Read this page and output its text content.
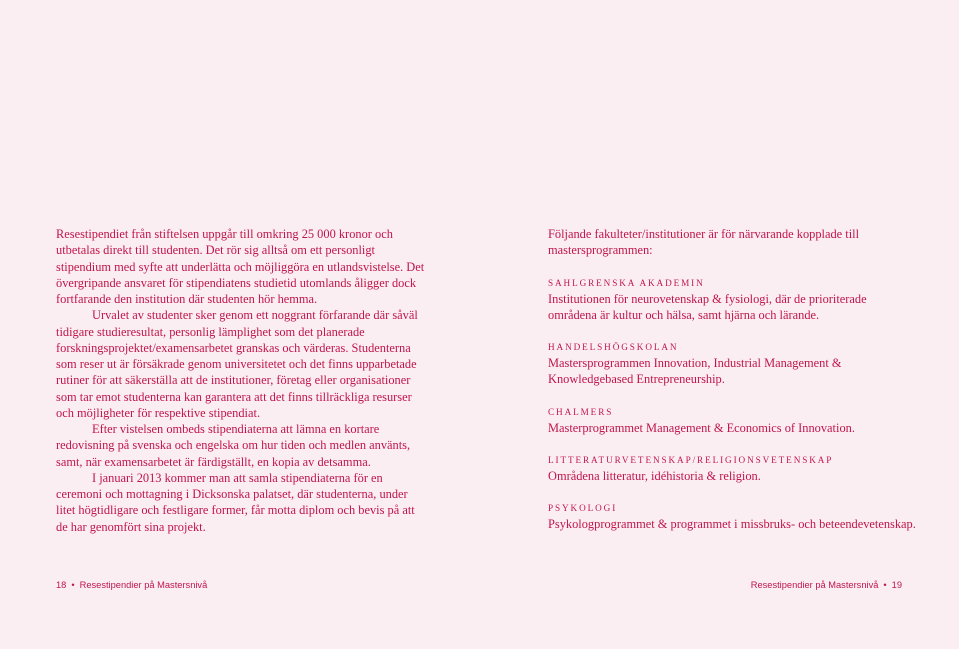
Resestipendiet från stiftelsen uppgår till omkring 25 000 kronor och utbetalas direkt till studenten. Det rör sig alltså om ett personligt stipendium med syfte att underlätta och möjliggöra en utlandsvistelse. Det övergripande ansvaret för stipendiatens studietid utomlands åligger dock fortfarande den institution där studenten hör hemma.

Urvalet av studenter sker genom ett noggrant förfarande där såväl tidigare studieresultat, personlig lämplighet som det planerade forskningsprojektet/examensarbetet granskas och värderas. Studenterna som reser ut är försäkrade genom universitetet och det finns upparbetade rutiner för att säkerställa att de institutioner, företag eller organisationer som tar emot studenterna kan garantera att det finns tillräckliga resurser och möjligheter för respektive stipendiat.

Efter vistelsen ombeds stipendiaterna att lämna en kortare redovisning på svenska och engelska om hur tiden och medlen använts, samt, när examensarbetet är färdigställt, en kopia av detsamma.

I januari 2013 kommer man att samla stipendiaterna för en ceremoni och mottagning i Dicksonska palatset, där studenterna, under litet högtidligare och festligare former, får motta diplom och bevis på att de har genomfört sina projekt.

Följande fakulteter/institutioner är för närvarande kopplade till mastersprogrammen:

SAHLGRENSKA AKADEMIN
Institutionen för neurovetenskap & fysiologi, där de prioriterade områdena är kultur och hälsa, samt hjärna och lärande.
HANDELSHÖGSKOLAN
Mastersprogrammen Innovation, Industrial Management & Knowledgebased Entrepreneurship.
CHALMERS
Masterprogrammet Management & Economics of Innovation.
LITTERATURVETENSKAP/RELIGIONSVETENSKAP
Områdena litteratur, idéhistoria & religion.
PSYKOLOGI
Psykologprogrammet & programmet i missbruks- och beteendevetenskap.
18 • Resestipendier på Mastersnivå	Resestipendier på Mastersnivå • 19
